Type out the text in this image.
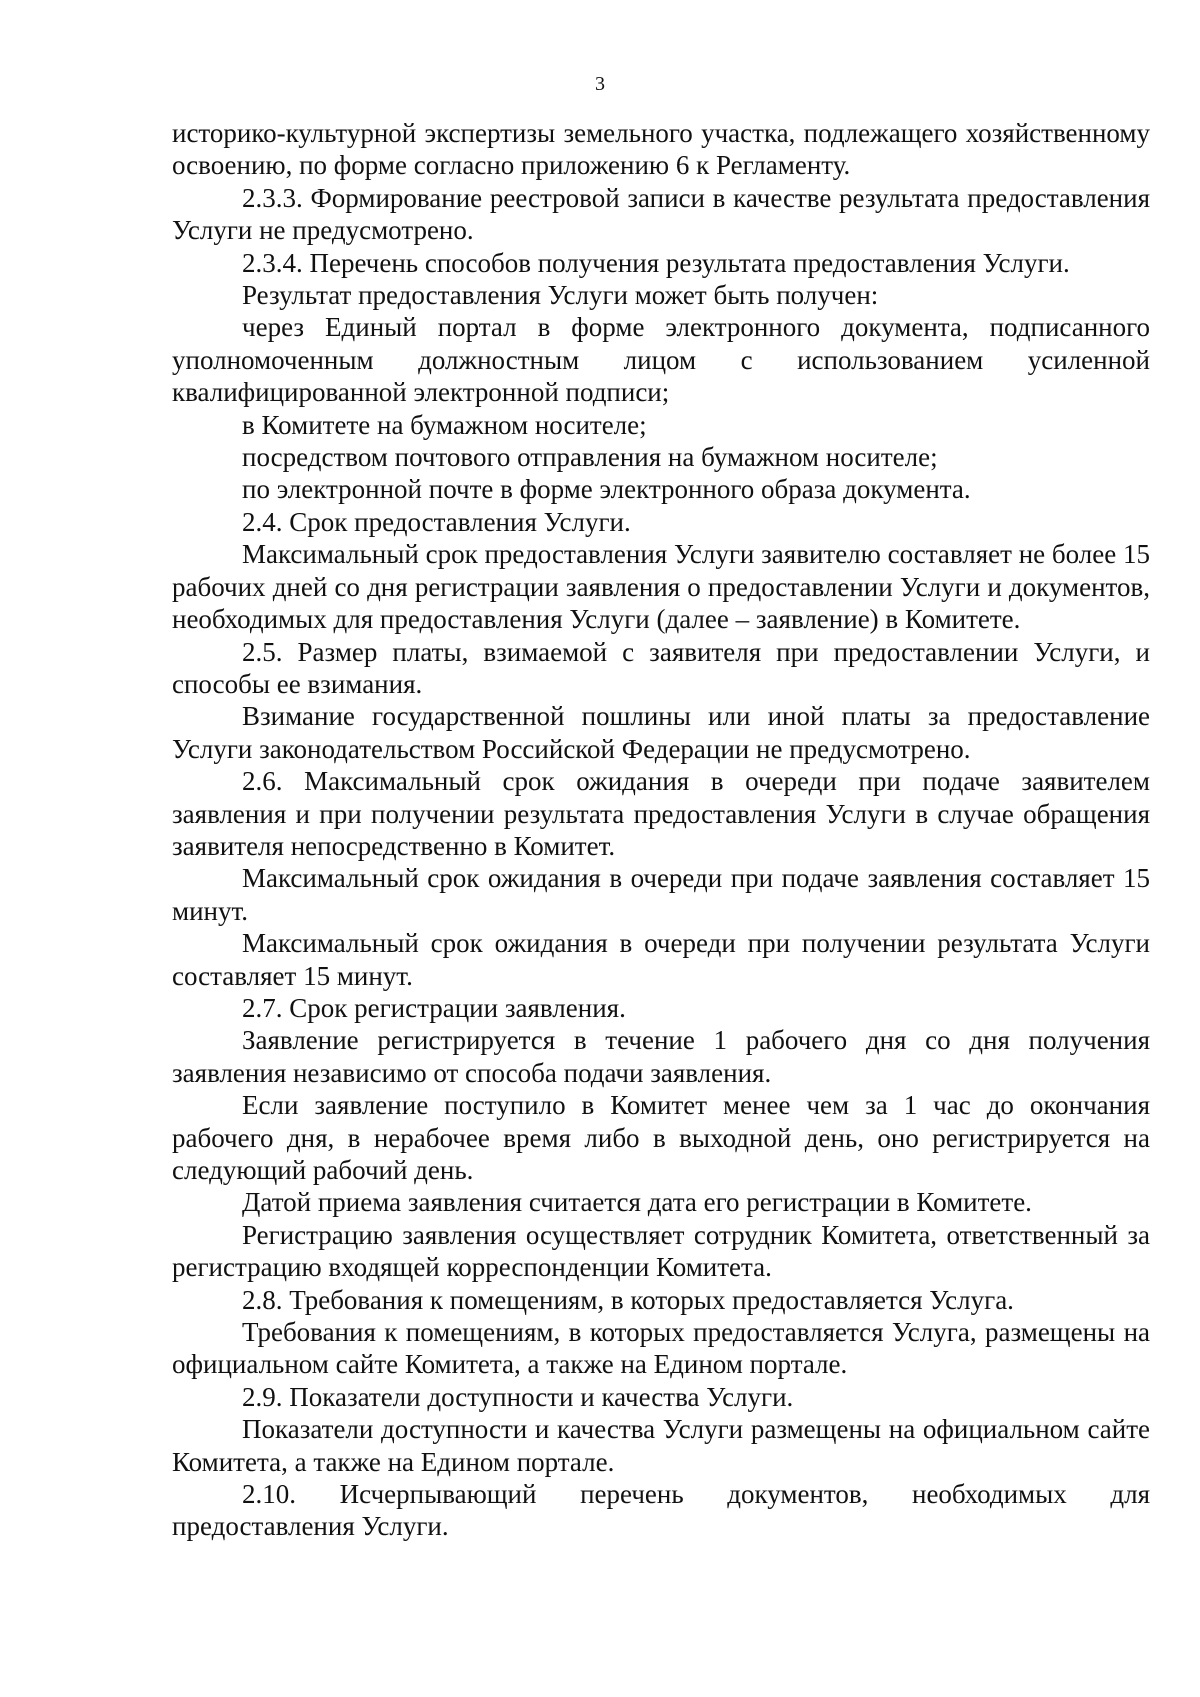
3

историко-культурной экспертизы земельного участка, подлежащего хозяйственному освоению, по форме согласно приложению 6 к Регламенту.

2.3.3. Формирование реестровой записи в качестве результата предоставления Услуги не предусмотрено.

2.3.4. Перечень способов получения результата предоставления Услуги.

Результат предоставления Услуги может быть получен:

через Единый портал в форме электронного документа, подписанного уполномоченным должностным лицом с использованием усиленной квалифицированной электронной подписи;

в Комитете на бумажном носителе;

посредством почтового отправления на бумажном носителе;

по электронной почте в форме электронного образа документа.

2.4. Срок предоставления Услуги.

Максимальный срок предоставления Услуги заявителю составляет не более 15 рабочих дней со дня регистрации заявления о предоставлении Услуги и документов, необходимых для предоставления Услуги (далее – заявление) в Комитете.

2.5. Размер платы, взимаемой с заявителя при предоставлении Услуги, и способы ее взимания.

Взимание государственной пошлины или иной платы за предоставление Услуги законодательством Российской Федерации не предусмотрено.

2.6. Максимальный срок ожидания в очереди при подаче заявителем заявления и при получении результата предоставления Услуги в случае обращения заявителя непосредственно в Комитет.

Максимальный срок ожидания в очереди при подаче заявления составляет 15 минут.

Максимальный срок ожидания в очереди при получении результата Услуги составляет 15 минут.

2.7. Срок регистрации заявления.

Заявление регистрируется в течение 1 рабочего дня со дня получения заявления независимо от способа подачи заявления.

Если заявление поступило в Комитет менее чем за 1 час до окончания рабочего дня, в нерабочее время либо в выходной день, оно регистрируется на следующий рабочий день.

Датой приема заявления считается дата его регистрации в Комитете.

Регистрацию заявления осуществляет сотрудник Комитета, ответственный за регистрацию входящей корреспонденции Комитета.

2.8. Требования к помещениям, в которых предоставляется Услуга.

Требования к помещениям, в которых предоставляется Услуга, размещены на официальном сайте Комитета, а также на Едином портале.

2.9. Показатели доступности и качества Услуги.

Показатели доступности и качества Услуги размещены на официальном сайте Комитета, а также на Едином портале.

2.10. Исчерпывающий перечень документов, необходимых для предоставления Услуги.
